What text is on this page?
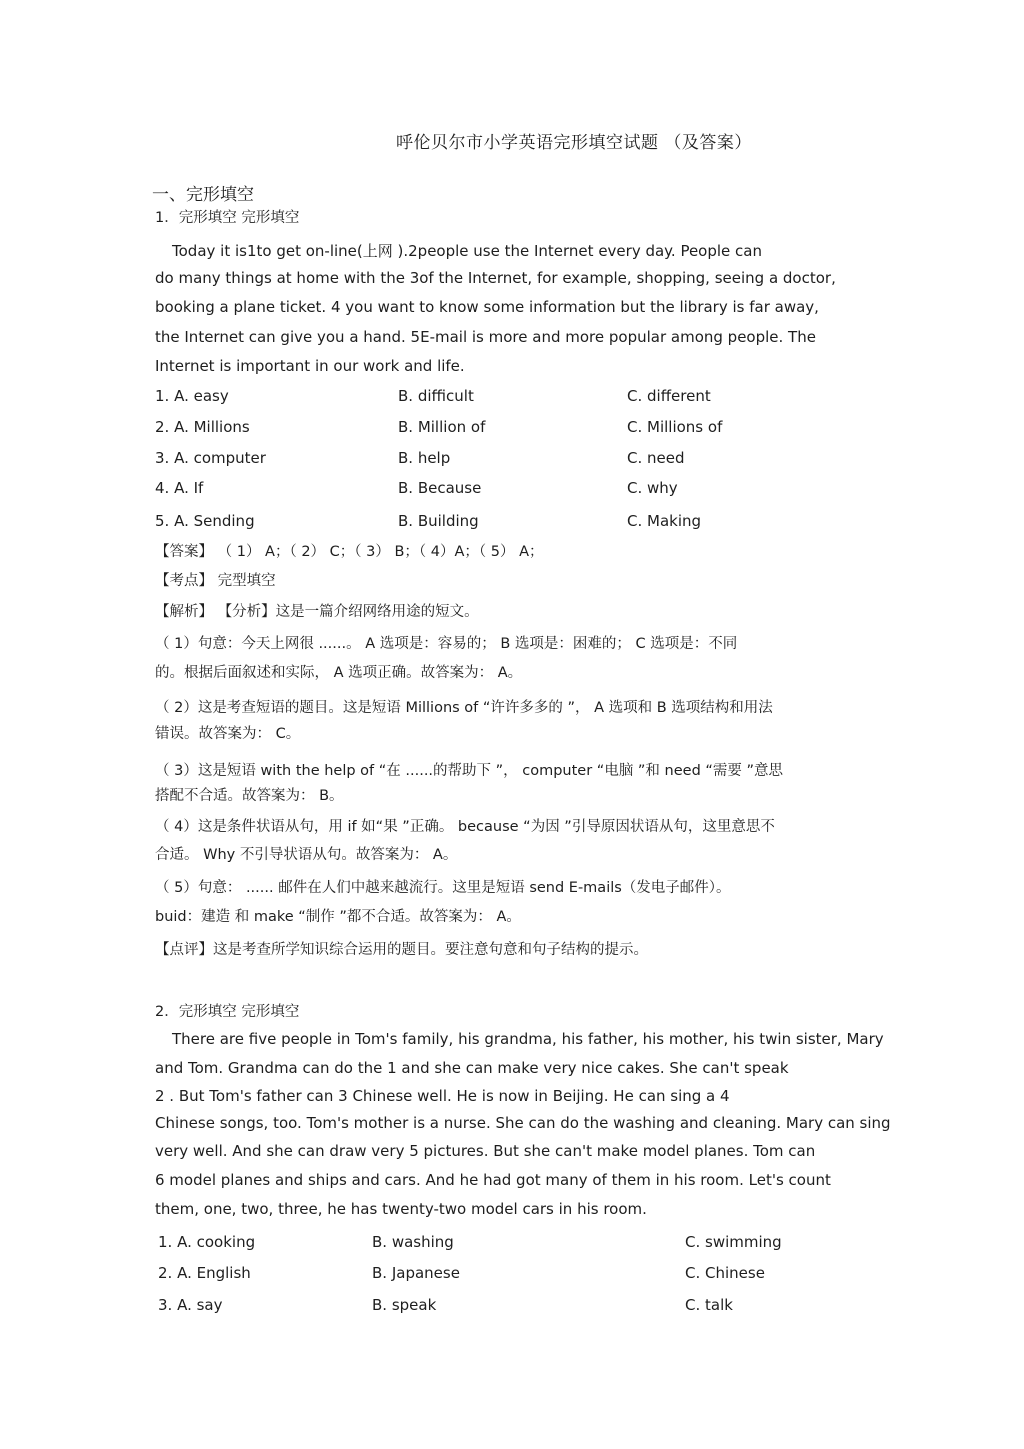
呼伦贝尔市小学英语完形填空试题 （及答案）
一、完形填空
1．完形填空 完形填空
Today it is1to get on-line(上网 ).2people use the Internet every day. People can
do many things at home with the 3of the Internet, for example, shopping, seeing a doctor,
booking a plane ticket. 4 you want to know some information but the library is far away,
the Internet can give you a hand. 5E-mail is more and more popular among people. The
Internet is important in our work and life.
1. A. easy	B. difficult	C. different
2. A. Millions	B. Million of	C. Millions of
3. A. computer	B. help	C. need
4. A. If	B. Because	C. why
5. A. Sending	B. Building	C. Making
【答案】 （ 1） A；（ 2） C；（ 3） B；（ 4）A；（ 5） A；
【考点】 完型填空
【解析】 【分析】这是一篇介绍网络用途的短文。
（ 1）句意：今天上网很 ......。 A 选项是：容易的； B 选项是：困难的； C 选项是：不同
的。根据后面叙述和实际， A 选项正确。故答案为： A。
（ 2）这是考查短语的题目。这是短语 Millions of “许许多多的 ”， A 选项和 B 选项结构和用法
错误。故答案为： C。
（ 3）这是短语 with the help of “在 ......的帮助下 ”， computer “电脑 ”和 need “需要 ”意思
搭配不合适。故答案为： B。
（ 4）这是条件状语从句，用 if 如“果 ”正确。 because “为因 ”引导原因状语从句，这里意思不
合适。 Why 不引导状语从句。故答案为： A。
（ 5）句意： ...... 邮件在人们中越来越流行。这里是短语 send E-mails（发电子邮件）。
buid：建造 和 make “制作 ”都不合适。故答案为： A。
【点评】这是考查所学知识综合运用的题目。要注意句意和句子结构的提示。
2．完形填空 完形填空
There are five people in Tom's family, his grandma, his father, his mother, his twin sister, Mary
and Tom. Grandma can do the 1 and she can make very nice cakes. She can't speak
2 . But Tom's father can 3 Chinese well. He is now in Beijing. He can sing a 4
Chinese songs, too. Tom's mother is a nurse. She can do the washing and cleaning. Mary can sing
very well. And she can draw very 5 pictures. But she can't make model planes. Tom can
6 model planes and ships and cars. And he had got many of them in his room. Let's count
them, one, two, three, he has twenty-two model cars in his room.
1. A. cooking	B. washing	C. swimming
2. A. English	B. Japanese	C. Chinese
3. A. say	B. speak	C. talk
